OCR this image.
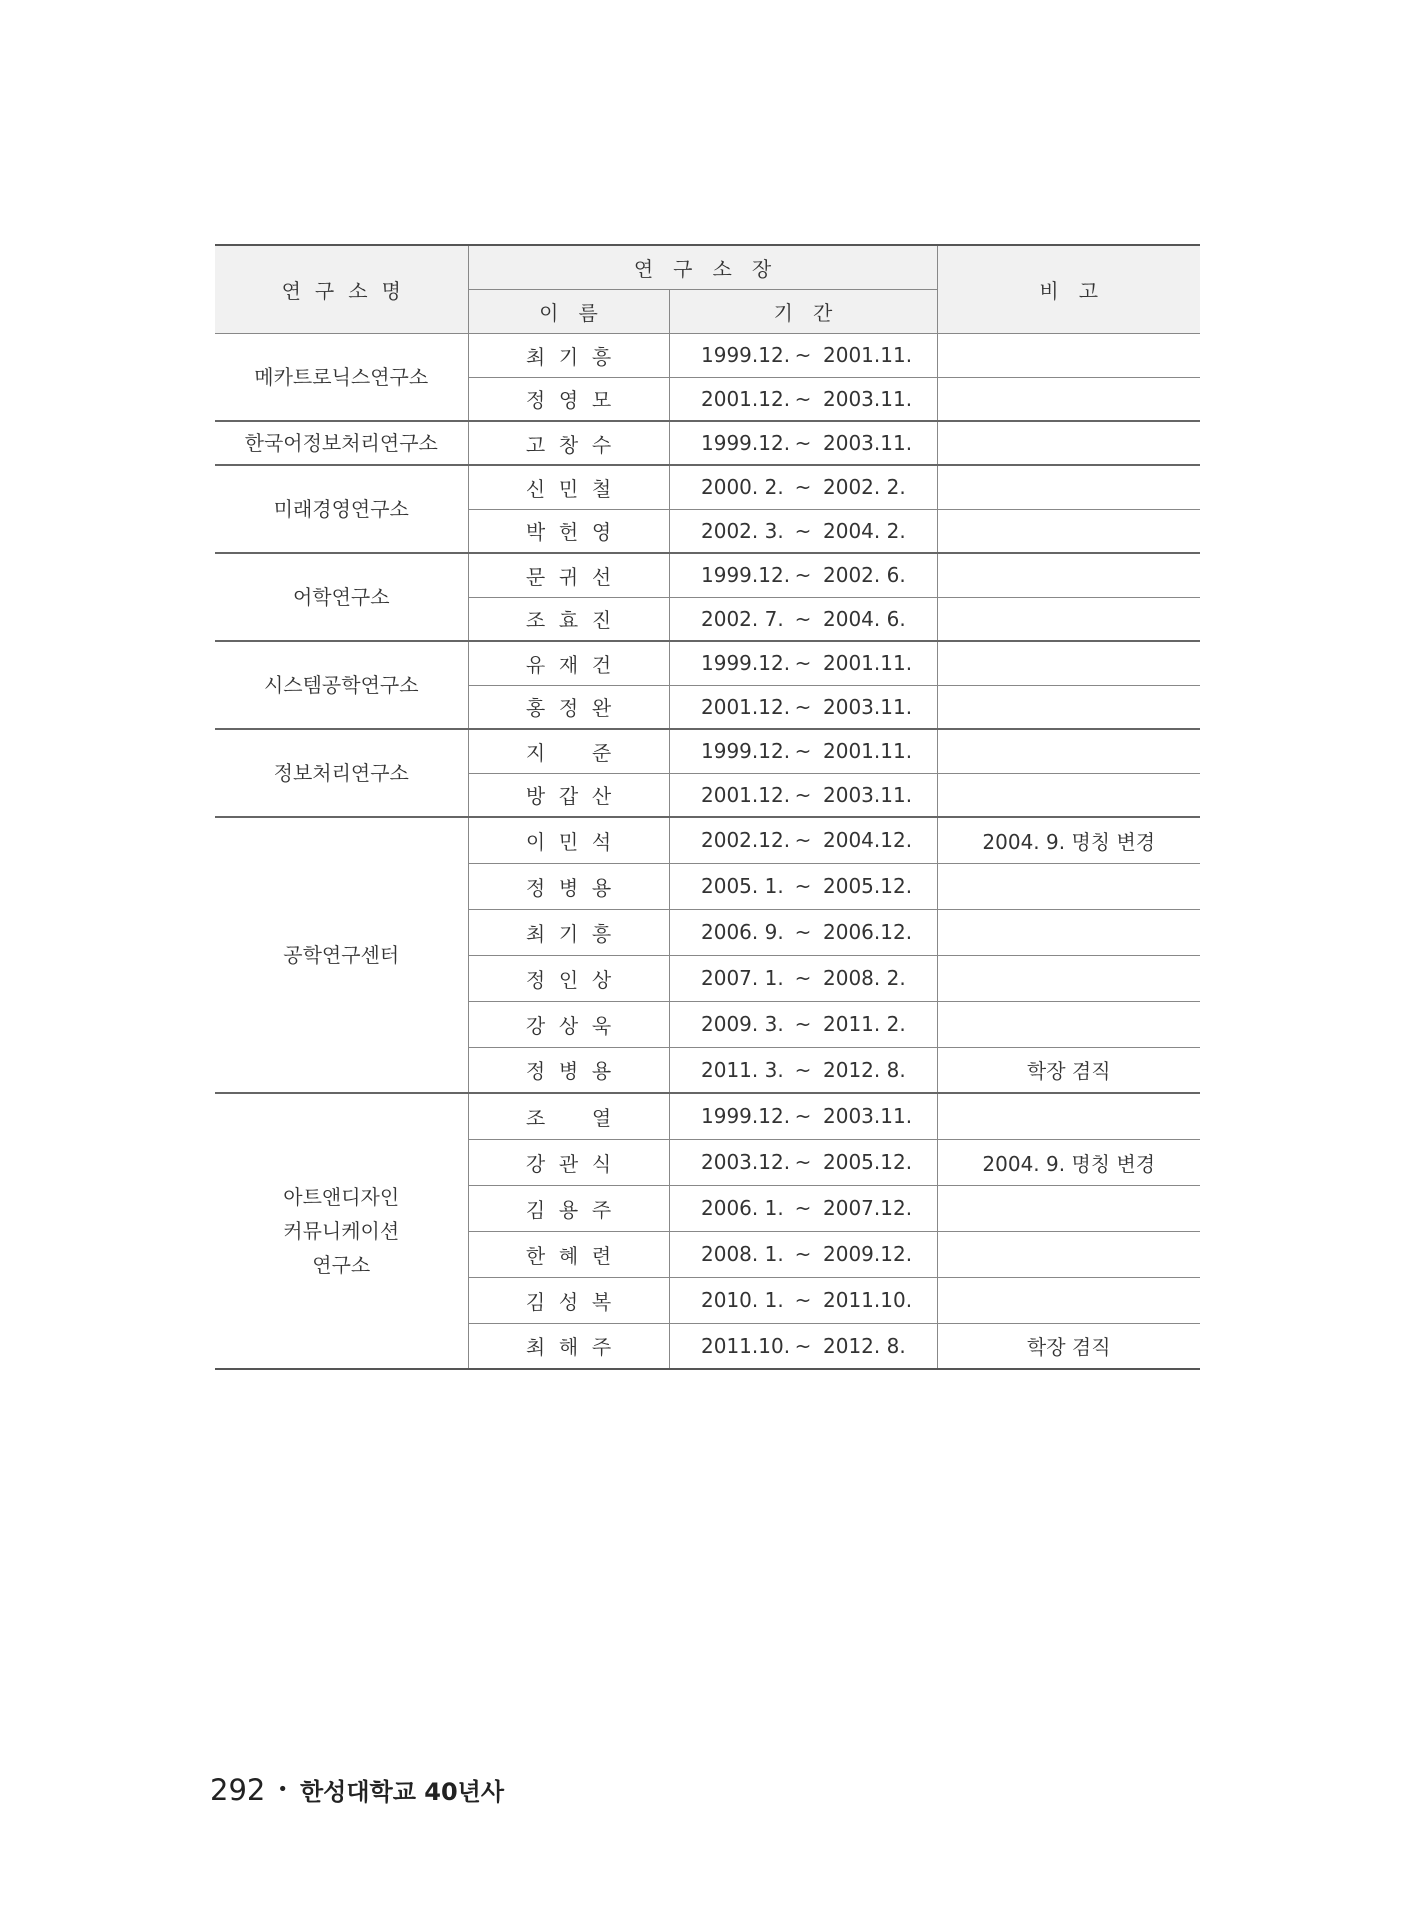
연구소명	연구소장		비고
	이름	기간	

메카트로닉스연구소	최 기 흥	1999.12. ~ 2001.11.	

	정 영 모	2001.12. ~ 2003.11.	

한국어정보처리연구소	고 창 수	1999.12. ~ 2003.11.	

미래경영연구소	신 민 철	2000. 2. ~ 2002. 2.	

	박 헌 영	2002. 3. ~ 2004. 2.	

어학연구소	문 귀 선	1999.12. ~ 2002. 6.	

	조 효 진	2002. 7. ~ 2004. 6.	

시스템공학연구소	유 재 건	1999.12. ~ 2001.11.	

	홍 정 완	2001.12. ~ 2003.11.	

정보처리연구소	지 준	1999.12. ~ 2001.11.	

	방 갑 산	2001.12. ~ 2003.11.	

공학연구센터	이 민 석	2002.12. ~ 2004.12.	2004. 9. 명칭 변경

	정 병 용	2005. 1. ~ 2005.12.	

	최 기 흥	2006. 9. ~ 2006.12.	

	정 인 상	2007. 1. ~ 2008. 2.	

	강 상 욱	2009. 3. ~ 2011. 2.	

	정 병 용	2011. 3. ~ 2012. 8.	학장 겸직

아트앤디자인
커뮤니케이션
연구소	조 열	1999.12. ~ 2003.11.	

	강 관 식	2003.12. ~ 2005.12.	2004. 9. 명칭 변경

	김 용 주	2006. 1. ~ 2007.12.	

	한 혜 련	2008. 1. ~ 2009.12.	

	김 성 복	2010. 1. ~ 2011.10.	

	최 해 주	2011.10. ~ 2012. 8.	학장 겸직
292 • 한성대학교 40년사
